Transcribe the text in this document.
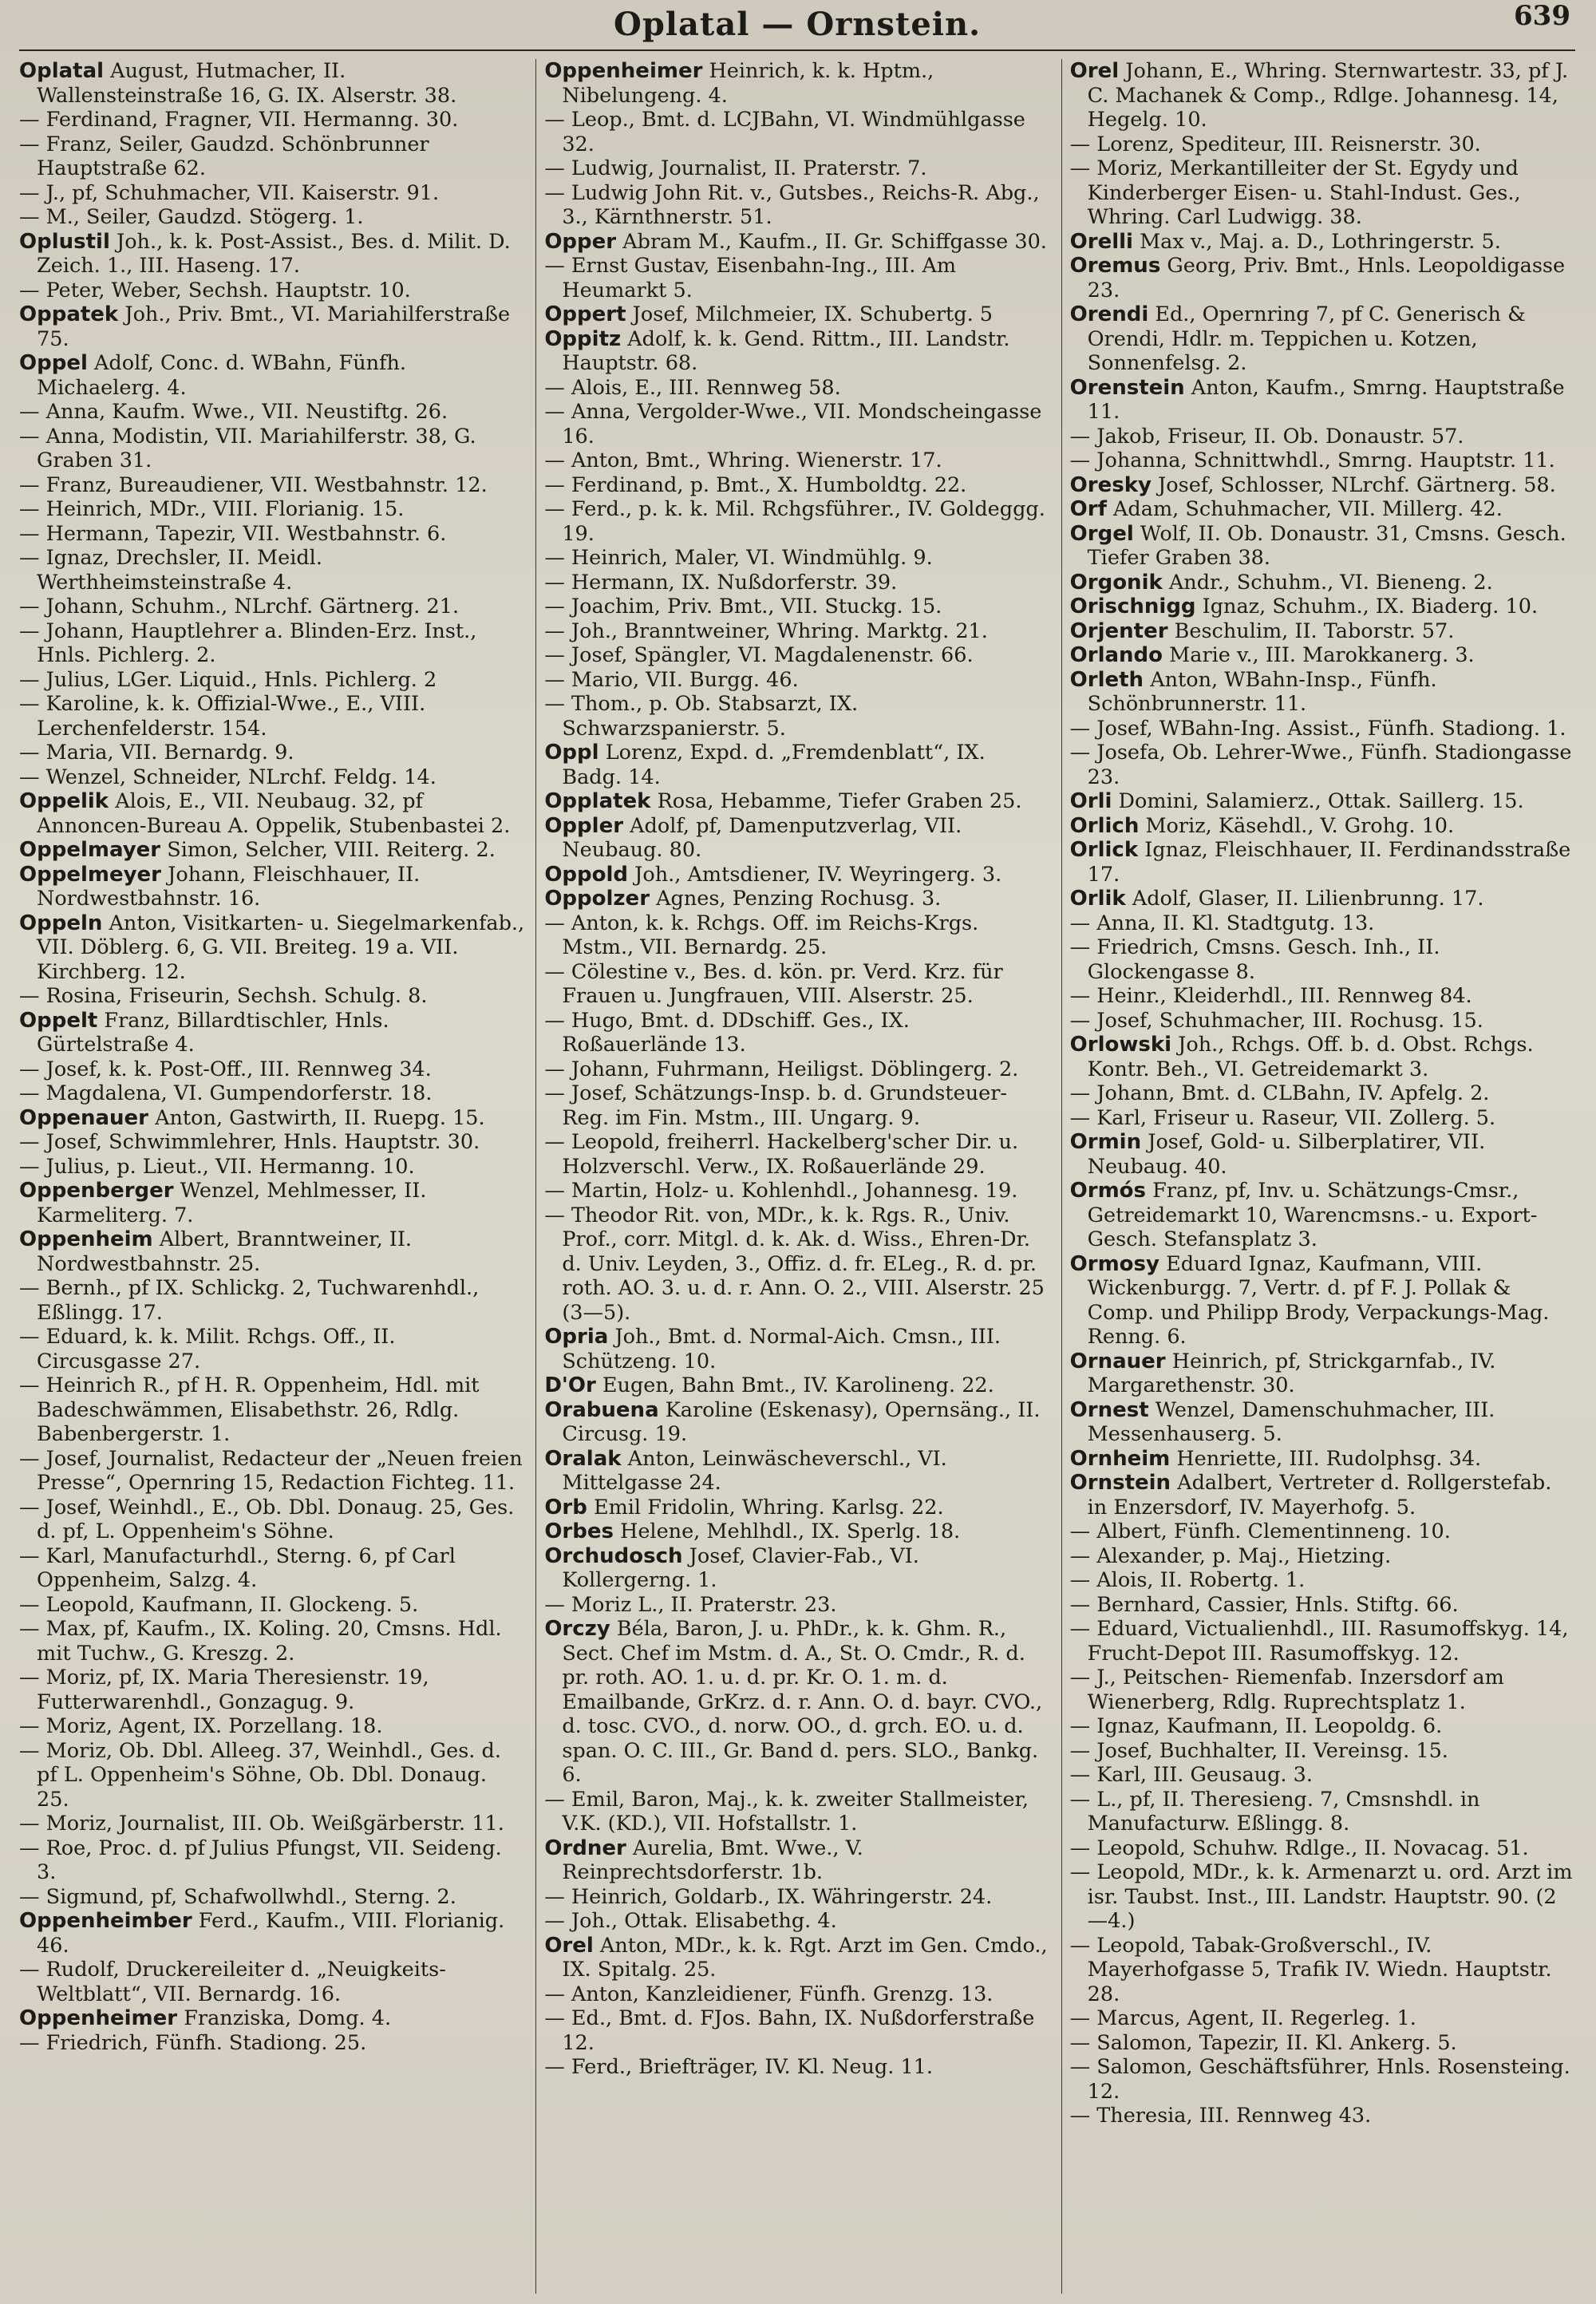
Oplatal — Ornstein.	639

Oplatal August, Hutmacher, II. Wallensteinstraße 16, G. IX. Alserstr. 38.

— Ferdinand, Fragner, VII. Hermanng. 30.

— Franz, Seiler, Gaudzd. Schönbrunner Hauptstraße 62.

— J., pf, Schuhmacher, VII. Kaiserstr. 91.

— M., Seiler, Gaudzd. Stögerg. 1.

Oplustil Joh., k. k. Post-Assist., Bes. d. Milit. D. Zeich. 1., III. Haseng. 17.

— Peter, Weber, Sechsh. Hauptstr. 10.

Oppatek Joh., Priv. Bmt., VI. Mariahilferstraße 75.

Oppel Adolf, Conc. d. WBahn, Fünfh. Michaelerg. 4.

— Anna, Kaufm. Wwe., VII. Neustiftg. 26.

— Anna, Modistin, VII. Mariahilferstr. 38, G. Graben 31.

— Franz, Bureaudiener, VII. Westbahnstr. 12.

— Heinrich, MDr., VIII. Florianig. 15.

— Hermann, Tapezir, VII. Westbahnstr. 6.

— Ignaz, Drechsler, II. Meidl. Werthheimsteinstraße 4.

— Johann, Schuhm., NLrchf. Gärtnerg. 21.

— Johann, Hauptlehrer a. Blinden-Erz. Inst., Hnls. Pichlerg. 2.

— Julius, LGer. Liquid., Hnls. Pichlerg. 2

— Karoline, k. k. Offizial-Wwe., E., VIII. Lerchenfelderstr. 154.

— Maria, VII. Bernardg. 9.

— Wenzel, Schneider, NLrchf. Feldg. 14.

Oppelik Alois, E., VII. Neubaug. 32, pf Annoncen-Bureau A. Oppelik, Stubenbastei 2.

Oppelmayer Simon, Selcher, VIII. Reiterg. 2.

Oppelmeyer Johann, Fleischhauer, II. Nordwestbahnstr. 16.

Oppeln Anton, Visitkarten- u. Siegelmarkenfab., VII. Döblerg. 6, G. VII. Breiteg. 19 a. VII. Kirchberg. 12.

— Rosina, Friseurin, Sechsh. Schulg. 8.

Oppelt Franz, Billardtischler, Hnls. Gürtelstraße 4.

— Josef, k. k. Post-Off., III. Rennweg 34.

— Magdalena, VI. Gumpendorferstr. 18.

Oppenauer Anton, Gastwirth, II. Ruepg. 15.

— Josef, Schwimmlehrer, Hnls. Hauptstr. 30.

— Julius, p. Lieut., VII. Hermanng. 10.

Oppenberger Wenzel, Mehlmesser, II. Karmeliterg. 7.

Oppenheim Albert, Branntweiner, II. Nordwestbahnstr. 25.

— Bernh., pf IX. Schlickg. 2, Tuchwarenhdl., Eßlingg. 17.

— Eduard, k. k. Milit. Rchgs. Off., II. Circusgasse 27.

— Heinrich R., pf H. R. Oppenheim, Hdl. mit Badeschwämmen, Elisabethstr. 26, Rdlg. Babenbergerstr. 1.

— Josef, Journalist, Redacteur der „Neuen freien Presse“, Opernring 15, Redaction Fichteg. 11.

— Josef, Weinhdl., E., Ob. Dbl. Donaug. 25, Ges. d. pf, L. Oppenheim's Söhne.

— Karl, Manufacturhdl., Sterng. 6, pf Carl Oppenheim, Salzg. 4.

— Leopold, Kaufmann, II. Glockeng. 5.

— Max, pf, Kaufm., IX. Koling. 20, Cmsns. Hdl. mit Tuchw., G. Kreszg. 2.

— Moriz, pf, IX. Maria Theresienstr. 19, Futterwarenhdl., Gonzagug. 9.

— Moriz, Agent, IX. Porzellang. 18.

— Moriz, Ob. Dbl. Alleeg. 37, Weinhdl., Ges. d. pf L. Oppenheim's Söhne, Ob. Dbl. Donaug. 25.

— Moriz, Journalist, III. Ob. Weißgärberstr. 11.

— Roe, Proc. d. pf Julius Pfungst, VII. Seideng. 3.

— Sigmund, pf, Schafwollwhdl., Sterng. 2.

Oppenheimber Ferd., Kaufm., VIII. Florianig. 46.

— Rudolf, Druckereileiter d. „Neuigkeits-Weltblatt“, VII. Bernardg. 16.

Oppenheimer Franziska, Domg. 4.

— Friedrich, Fünfh. Stadiong. 25.

Oppenheimer Heinrich, k. k. Hptm., Nibelungeng. 4.

— Leop., Bmt. d. LCJBahn, VI. Windmühlgasse 32.

— Ludwig, Journalist, II. Praterstr. 7.

— Ludwig John Rit. v., Gutsbes., Reichs-R. Abg., 3., Kärnthnerstr. 51.

Opper Abram M., Kaufm., II. Gr. Schiffgasse 30.

— Ernst Gustav, Eisenbahn-Ing., III. Am Heumarkt 5.

Oppert Josef, Milchmeier, IX. Schubertg. 5

Oppitz Adolf, k. k. Gend. Rittm., III. Landstr. Hauptstr. 68.

— Alois, E., III. Rennweg 58.

— Anna, Vergolder-Wwe., VII. Mondscheingasse 16.

— Anton, Bmt., Whring. Wienerstr. 17.

— Ferdinand, p. Bmt., X. Humboldtg. 22.

— Ferd., p. k. k. Mil. Rchgsführer., IV. Goldeggg. 19.

— Heinrich, Maler, VI. Windmühlg. 9.

— Hermann, IX. Nußdorferstr. 39.

— Joachim, Priv. Bmt., VII. Stuckg. 15.

— Joh., Branntweiner, Whring. Marktg. 21.

— Josef, Spängler, VI. Magdalenenstr. 66.

— Mario, VII. Burgg. 46.

— Thom., p. Ob. Stabsarzt, IX. Schwarzspanierstr. 5.

Oppl Lorenz, Expd. d. „Fremdenblatt“, IX. Badg. 14.

Opplatek Rosa, Hebamme, Tiefer Graben 25.

Oppler Adolf, pf, Damenputzverlag, VII. Neubaug. 80.

Oppold Joh., Amtsdiener, IV. Weyringerg. 3.

Oppolzer Agnes, Penzing Rochusg. 3.

— Anton, k. k. Rchgs. Off. im Reichs-Krgs. Mstm., VII. Bernardg. 25.

— Cölestine v., Bes. d. kön. pr. Verd. Krz. für Frauen u. Jungfrauen, VIII. Alserstr. 25.

— Hugo, Bmt. d. DDschiff. Ges., IX. Roßauerlände 13.

— Johann, Fuhrmann, Heiligst. Döblingerg. 2.

— Josef, Schätzungs-Insp. b. d. Grundsteuer-Reg. im Fin. Mstm., III. Ungarg. 9.

— Leopold, freiherrl. Hackelberg'scher Dir. u. Holzverschl. Verw., IX. Roßauerlände 29.

— Martin, Holz- u. Kohlenhdl., Johannesg. 19.

— Theodor Rit. von, MDr., k. k. Rgs. R., Univ. Prof., corr. Mitgl. d. k. Ak. d. Wiss., Ehren-Dr. d. Univ. Leyden, 3., Offiz. d. fr. ELeg., R. d. pr. roth. AO. 3. u. d. r. Ann. O. 2., VIII. Alserstr. 25 (3—5).

Opria Joh., Bmt. d. Normal-Aich. Cmsn., III. Schützeng. 10.

D'Or Eugen, Bahn Bmt., IV. Karolineng. 22.

Orabuena Karoline (Eskenasy), Opernsäng., II. Circusg. 19.

Oralak Anton, Leinwäscheverschl., VI. Mittelgasse 24.

Orb Emil Fridolin, Whring. Karlsg. 22.

Orbes Helene, Mehlhdl., IX. Sperlg. 18.

Orchudosch Josef, Clavier-Fab., VI. Kollergerng. 1.

— Moriz L., II. Praterstr. 23.

Orczy Béla, Baron, J. u. PhDr., k. k. Ghm. R., Sect. Chef im Mstm. d. A., St. O. Cmdr., R. d. pr. roth. AO. 1. u. d. pr. Kr. O. 1. m. d. Emailbande, GrKrz. d. r. Ann. O. d. bayr. CVO., d. tosc. CVO., d. norw. OO., d. grch. EO. u. d. span. O. C. III., Gr. Band d. pers. SLO., Bankg. 6.

— Emil, Baron, Maj., k. k. zweiter Stallmeister, V.K. (KD.), VII. Hofstallstr. 1.

Ordner Aurelia, Bmt. Wwe., V. Reinprechtsdorferstr. 1b.

— Heinrich, Goldarb., IX. Währingerstr. 24.

— Joh., Ottak. Elisabethg. 4.

Orel Anton, MDr., k. k. Rgt. Arzt im Gen. Cmdo., IX. Spitalg. 25.

— Anton, Kanzleidiener, Fünfh. Grenzg. 13.

— Ed., Bmt. d. FJos. Bahn, IX. Nußdorferstraße 12.

— Ferd., Briefträger, IV. Kl. Neug. 11.

Orel Johann, E., Whring. Sternwartestr. 33, pf J. C. Machanek & Comp., Rdlge. Johannesg. 14, Hegelg. 10.

— Lorenz, Spediteur, III. Reisnerstr. 30.

— Moriz, Merkantilleiter der St. Egydy und Kinderberger Eisen- u. Stahl-Indust. Ges., Whring. Carl Ludwigg. 38.

Orelli Max v., Maj. a. D., Lothringerstr. 5.

Oremus Georg, Priv. Bmt., Hnls. Leopoldigasse 23.

Orendi Ed., Opernring 7, pf C. Generisch & Orendi, Hdlr. m. Teppichen u. Kotzen, Sonnenfelsg. 2.

Orenstein Anton, Kaufm., Smrng. Hauptstraße 11.

— Jakob, Friseur, II. Ob. Donaustr. 57.

— Johanna, Schnittwhdl., Smrng. Hauptstr. 11.

Oresky Josef, Schlosser, NLrchf. Gärtnerg. 58.

Orf Adam, Schuhmacher, VII. Millerg. 42.

Orgel Wolf, II. Ob. Donaustr. 31, Cmsns. Gesch. Tiefer Graben 38.

Orgonik Andr., Schuhm., VI. Bieneng. 2.

Orischnigg Ignaz, Schuhm., IX. Biaderg. 10.

Orjenter Beschulim, II. Taborstr. 57.

Orlando Marie v., III. Marokkanerg. 3.

Orleth Anton, WBahn-Insp., Fünfh. Schönbrunnerstr. 11.

— Josef, WBahn-Ing. Assist., Fünfh. Stadiong. 1.

— Josefa, Ob. Lehrer-Wwe., Fünfh. Stadiongasse 23.

Orli Domini, Salamierz., Ottak. Saillerg. 15.

Orlich Moriz, Käsehdl., V. Grohg. 10.

Orlick Ignaz, Fleischhauer, II. Ferdinandsstraße 17.

Orlik Adolf, Glaser, II. Lilienbrunng. 17.

— Anna, II. Kl. Stadtgutg. 13.

— Friedrich, Cmsns. Gesch. Inh., II. Glockengasse 8.

— Heinr., Kleiderhdl., III. Rennweg 84.

— Josef, Schuhmacher, III. Rochusg. 15.

Orlowski Joh., Rchgs. Off. b. d. Obst. Rchgs. Kontr. Beh., VI. Getreidemarkt 3.

— Johann, Bmt. d. CLBahn, IV. Apfelg. 2.

— Karl, Friseur u. Raseur, VII. Zollerg. 5.

Ormin Josef, Gold- u. Silberplatirer, VII. Neubaug. 40.

Ormós Franz, pf, Inv. u. Schätzungs-Cmsr., Getreidemarkt 10, Warencmsns.- u. Export-Gesch. Stefansplatz 3.

Ormosy Eduard Ignaz, Kaufmann, VIII. Wickenburgg. 7, Vertr. d. pf F. J. Pollak & Comp. und Philipp Brody, Verpackungs-Mag. Renng. 6.

Ornauer Heinrich, pf, Strickgarnfab., IV. Margarethenstr. 30.

Ornest Wenzel, Damenschuhmacher, III. Messenhauserg. 5.

Ornheim Henriette, III. Rudolphsg. 34.

Ornstein Adalbert, Vertreter d. Rollgerstefab. in Enzersdorf, IV. Mayerhofg. 5.

— Albert, Fünfh. Clementinneng. 10.

— Alexander, p. Maj., Hietzing.

— Alois, II. Robertg. 1.

— Bernhard, Cassier, Hnls. Stiftg. 66.

— Eduard, Victualienhdl., III. Rasumoffskyg. 14, Frucht-Depot III. Rasumoffskyg. 12.

— J., Peitschen- Riemenfab. Inzersdorf am Wienerberg, Rdlg. Ruprechtsplatz 1.

— Ignaz, Kaufmann, II. Leopoldg. 6.

— Josef, Buchhalter, II. Vereinsg. 15.

— Karl, III. Geusaug. 3.

— L., pf, II. Theresieng. 7, Cmsnshdl. in Manufacturw. Eßlingg. 8.

— Leopold, Schuhw. Rdlge., II. Novacag. 51.

— Leopold, MDr., k. k. Armenarzt u. ord. Arzt im isr. Taubst. Inst., III. Landstr. Hauptstr. 90. (2—4.)

— Leopold, Tabak-Großverschl., IV. Mayerhofgasse 5, Trafik IV. Wiedn. Hauptstr. 28.

— Marcus, Agent, II. Regerleg. 1.

— Salomon, Tapezir, II. Kl. Ankerg. 5.

— Salomon, Geschäftsführer, Hnls. Rosensteing. 12.

— Theresia, III. Rennweg 43.
